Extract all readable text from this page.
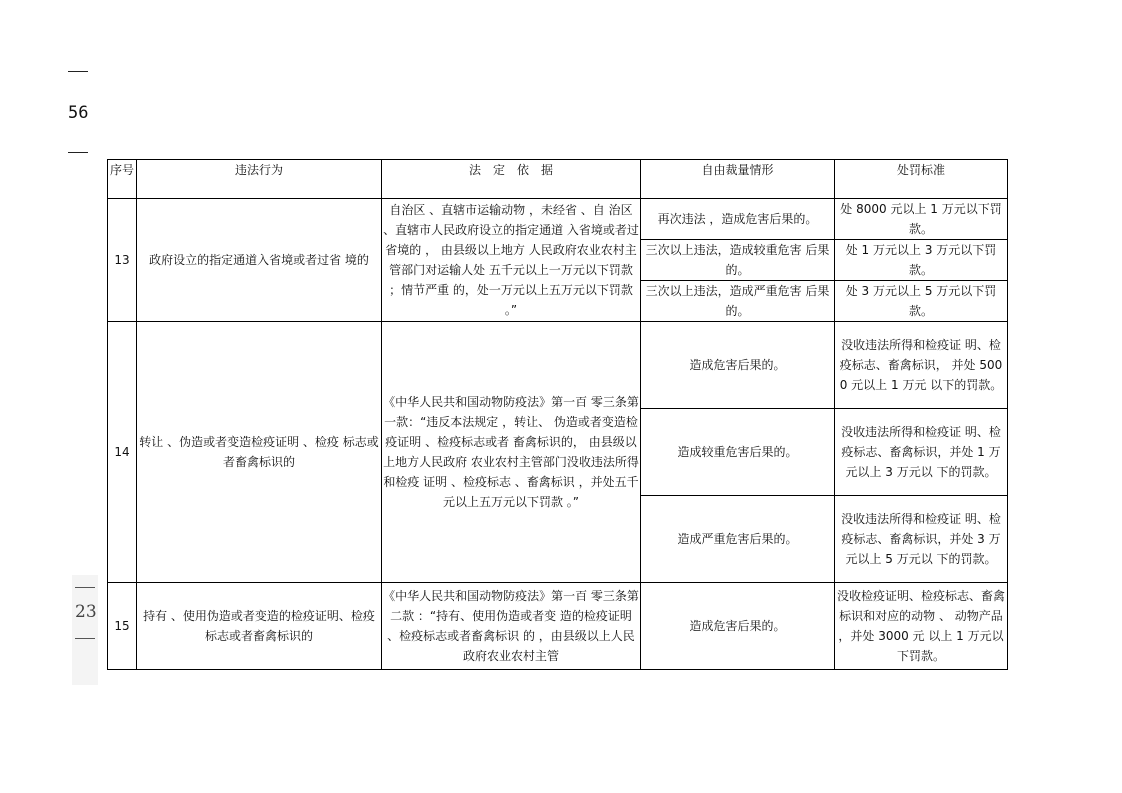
56
23
序号	违法行为	法　定　依　据	自由裁量情形	处罚标准
13	政府设立的指定通道入省境或者过省 境的	自治区 、直辖市运输动物 ，未经省 、自 治区 、直辖市人民政府设立的指定通道 入省境或者过省境的 ， 由县级以上地方 人民政府农业农村主管部门对运输人处 五千元以上一万元以下罚款 ；情节严重 的，处一万元以上五万元以下罚款 。”	再次违法 ，造成危害后果的。	处 8000 元以上 1 万元以下罚款。
			三次以上违法，造成较重危害 后果的。	处 1 万元以上 3 万元以下罚款。
			三次以上违法，造成严重危害 后果的。	处 3 万元以上 5 万元以下罚款。
14	转让 、伪造或者变造检疫证明 、检疫 标志或者畜禽标识的	《中华人民共和国动物防疫法》第一百 零三条第一款：“违反本法规定 ，转让、 伪造或者变造检疫证明 、检疫标志或者 畜禽标识的， 由县级以上地方人民政府 农业农村主管部门没收违法所得和检疫 证明 、检疫标志 、畜禽标识 ，并处五千 元以上五万元以下罚款 。”	造成危害后果的。	没收违法所得和检疫证 明、检疫标志、畜禽标识， 并处 5000 元以上 1 万元 以下的罚款。
			造成较重危害后果的。	没收违法所得和检疫证 明、检疫标志、畜禽标识，并处 1 万元以上 3 万元以 下的罚款。
			造成严重危害后果的。	没收违法所得和检疫证 明、检疫标志、畜禽标识，并处 3 万元以上 5 万元以 下的罚款。
15	持有 、使用伪造或者变造的检疫证明、检疫标志或者畜禽标识的	《中华人民共和国动物防疫法》第一百 零三条第二款 ：“持有、使用伪造或者变 造的检疫证明 、检疫标志或者畜禽标识 的 ，由县级以上人民政府农业农村主管	造成危害后果的。	没收检疫证明、检疫标志、畜禽标识和对应的动物 、 动物产品 ，并处 3000 元 以上 1 万元以下罚款。
